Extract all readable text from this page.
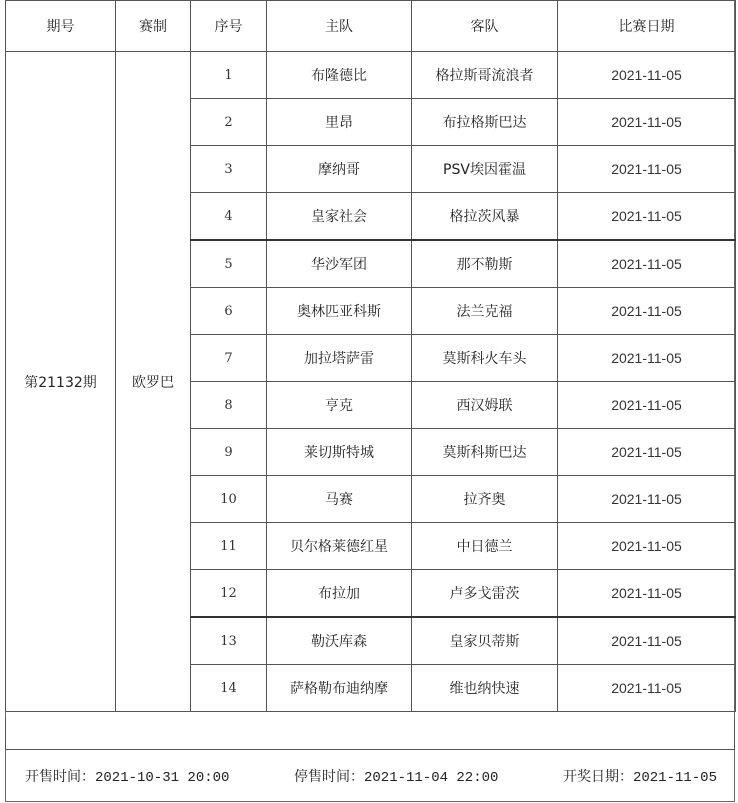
期号	赛制	序号	主队	客队	比赛日期
第21132期	欧罗巴	1	布隆德比	格拉斯哥流浪者	2021-11-05
		2	里昂	布拉格斯巴达	2021-11-05
		3	摩纳哥	PSV埃因霍温	2021-11-05
		4	皇家社会	格拉茨风暴	2021-11-05
		5	华沙军团	那不勒斯	2021-11-05
		6	奥林匹亚科斯	法兰克福	2021-11-05
		7	加拉塔萨雷	莫斯科火车头	2021-11-05
		8	亨克	西汉姆联	2021-11-05
		9	莱切斯特城	莫斯科斯巴达	2021-11-05
		10	马赛	拉齐奥	2021-11-05
		11	贝尔格莱德红星	中日德兰	2021-11-05
		12	布拉加	卢多戈雷茨	2021-11-05
		13	勒沃库森	皇家贝蒂斯	2021-11-05
		14	萨格勒布迪纳摩	维也纳快速	2021-11-05
开售时间：2021-10-31 20:00	停售时间：2021-11-04 22:00	开奖日期：2021-11-05
